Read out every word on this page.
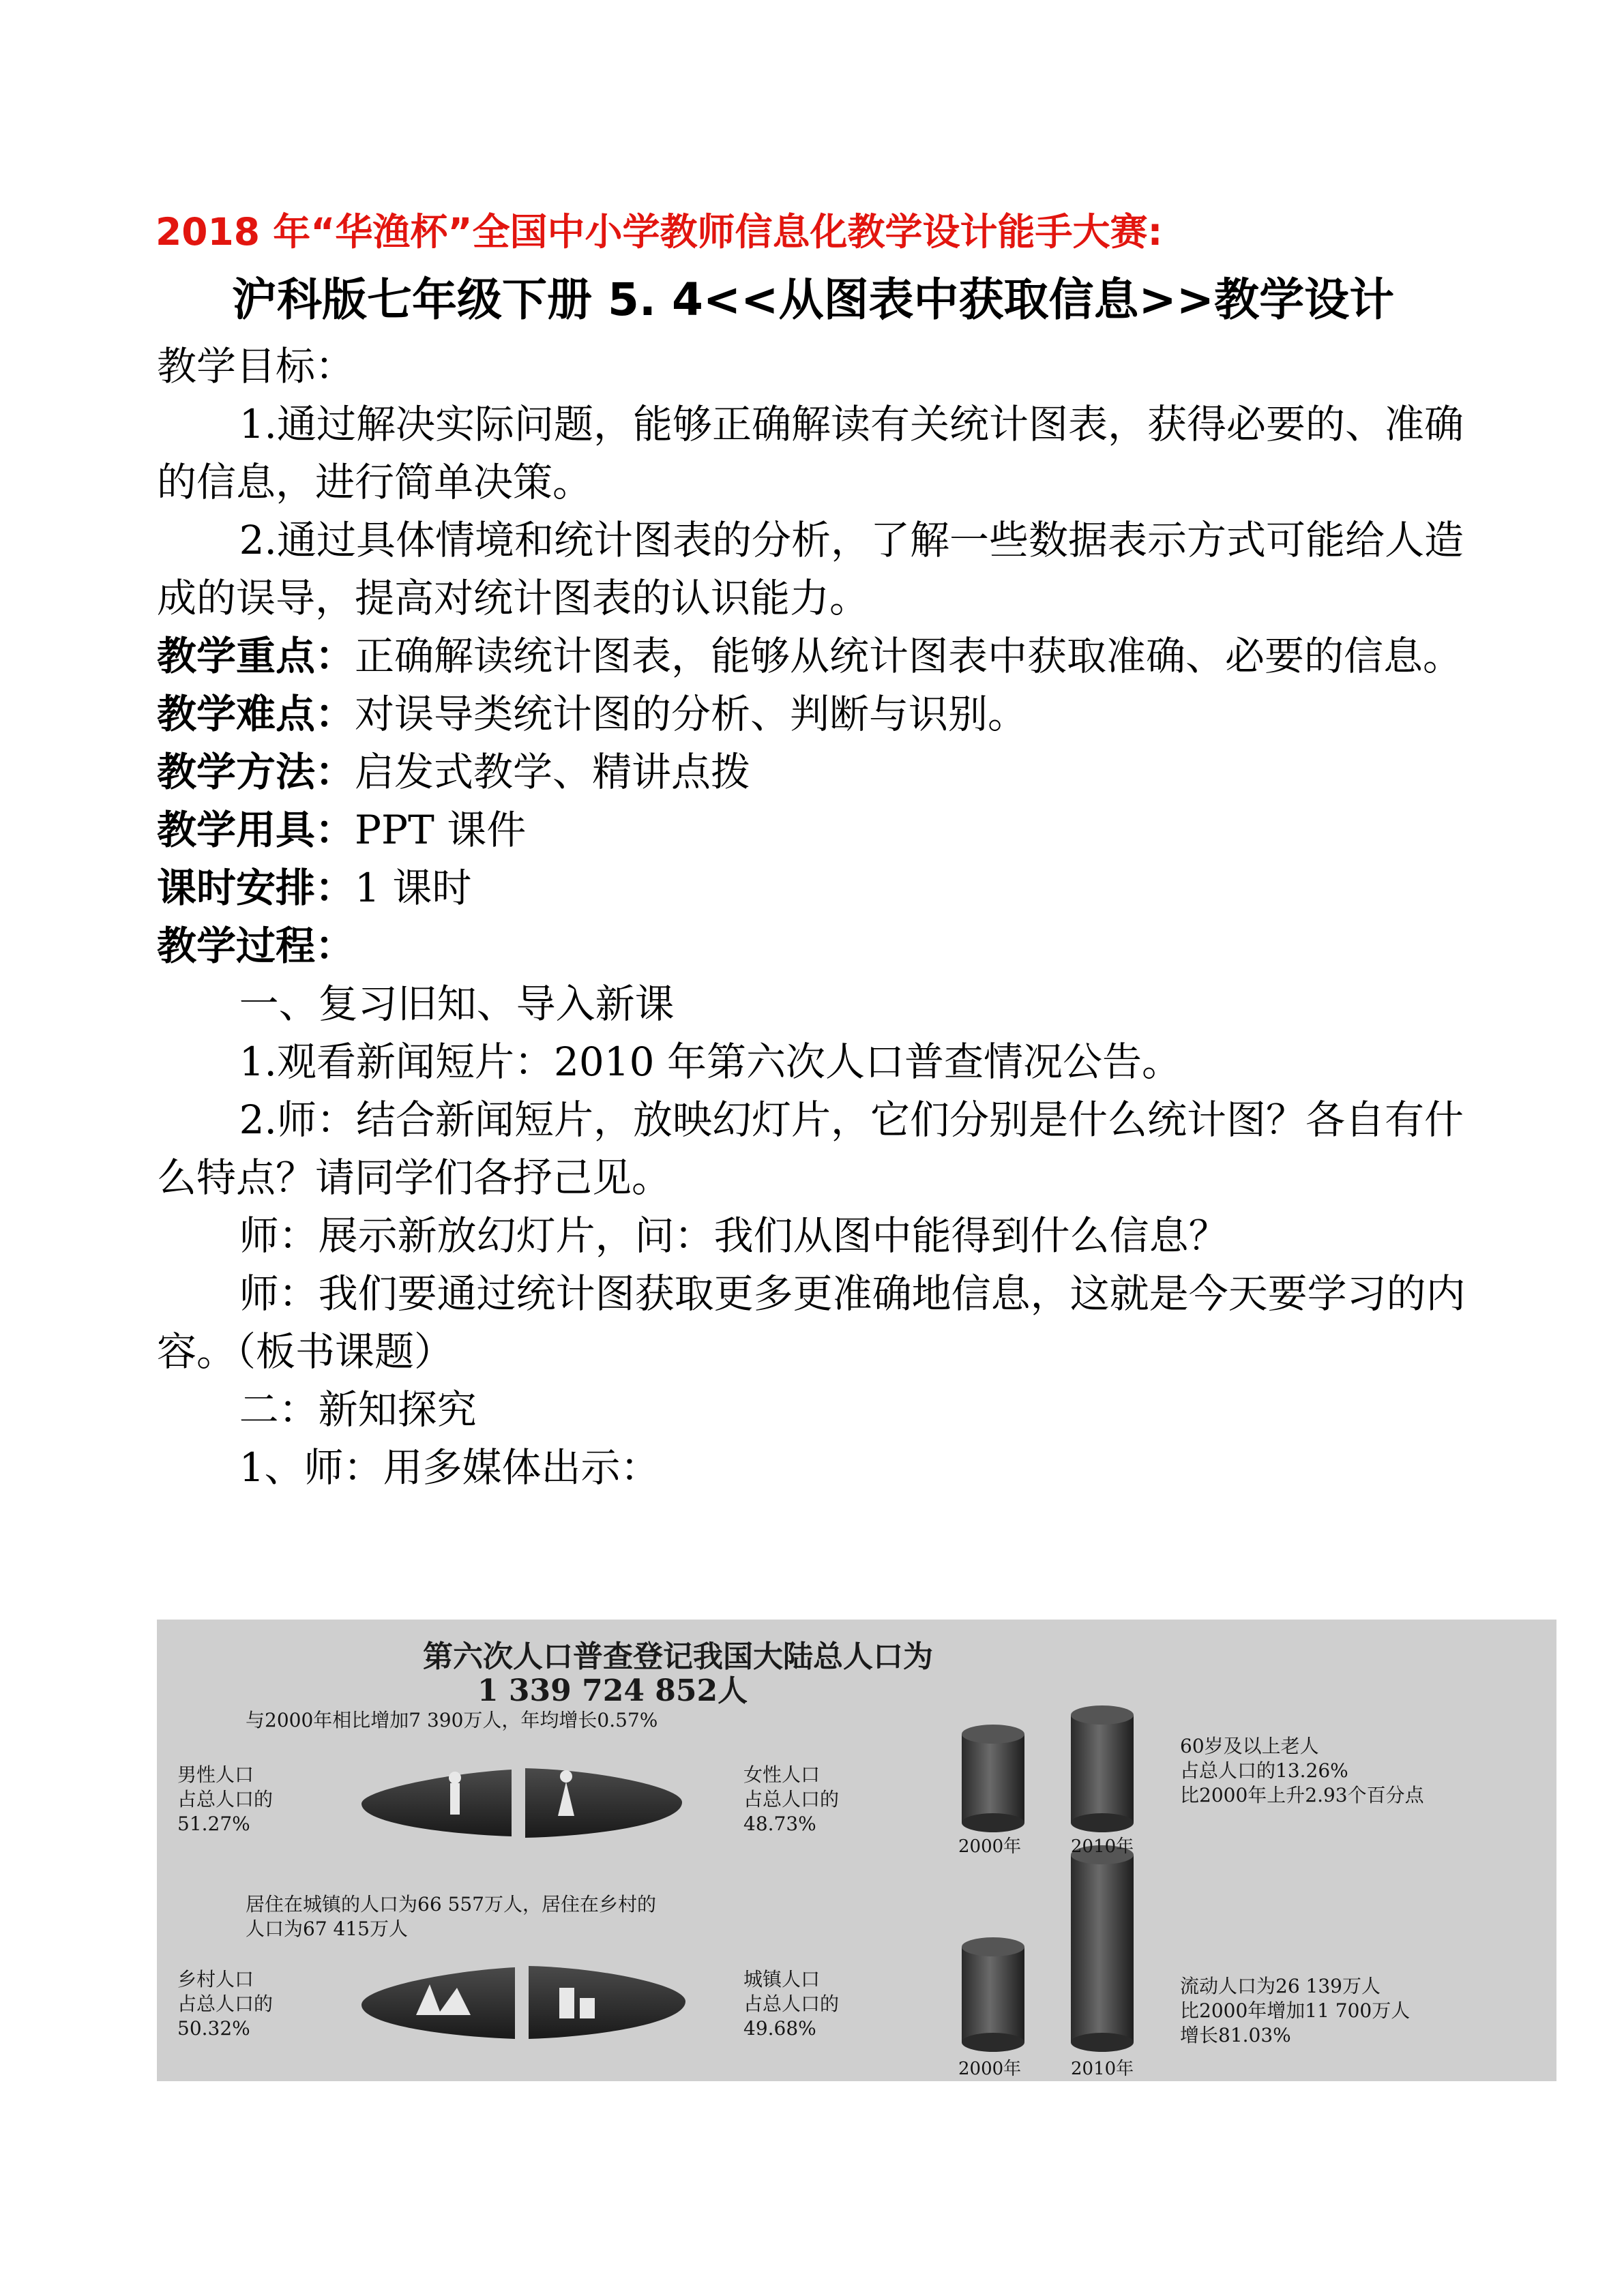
2018 年“华渔杯”全国中小学教师信息化教学设计能手大赛:
沪科版七年级下册 5. 4<<从图表中获取信息>>教学设计

教学目标：

1.通过解决实际问题，能够正确解读有关统计图表，获得必要的、准确的信息，进行简单决策。

2.通过具体情境和统计图表的分析，了解一些数据表示方式可能给人造成的误导，提高对统计图表的认识能力。

教学重点：正确解读统计图表，能够从统计图表中获取准确、必要的信息。

教学难点：对误导类统计图的分析、判断与识别。

教学方法：启发式教学、精讲点拨

教学用具：PPT 课件

课时安排：1 课时

教学过程：

一、复习旧知、导入新课

1.观看新闻短片：2010 年第六次人口普查情况公告。

2.师：结合新闻短片，放映幻灯片，它们分别是什么统计图？各自有什么特点？请同学们各抒己见。

师：展示新放幻灯片，问：我们从图中能得到什么信息？

师：我们要通过统计图获取更多更准确地信息，这就是今天要学习的内容。（板书课题）

二：新知探究

1、师：用多媒体出示：

第六次人口普查登记我国大陆总人口为
1 339 724 852人
与2000年相比增加7 390万人，年均增长0.57%
男性人口
占总人口的
51.27%
女性人口
占总人口的
48.73%
60岁及以上老人
占总人口的13.26%
比2000年上升2.93个百分点
2000年	2010年
居住在城镇的人口为66 557万人，居住在乡村的
人口为67 415万人
乡村人口
占总人口的
50.32%
城镇人口
占总人口的
49.68%
流动人口为26 139万人
比2000年增加11 700万人
增长81.03%
2000年	2010年
